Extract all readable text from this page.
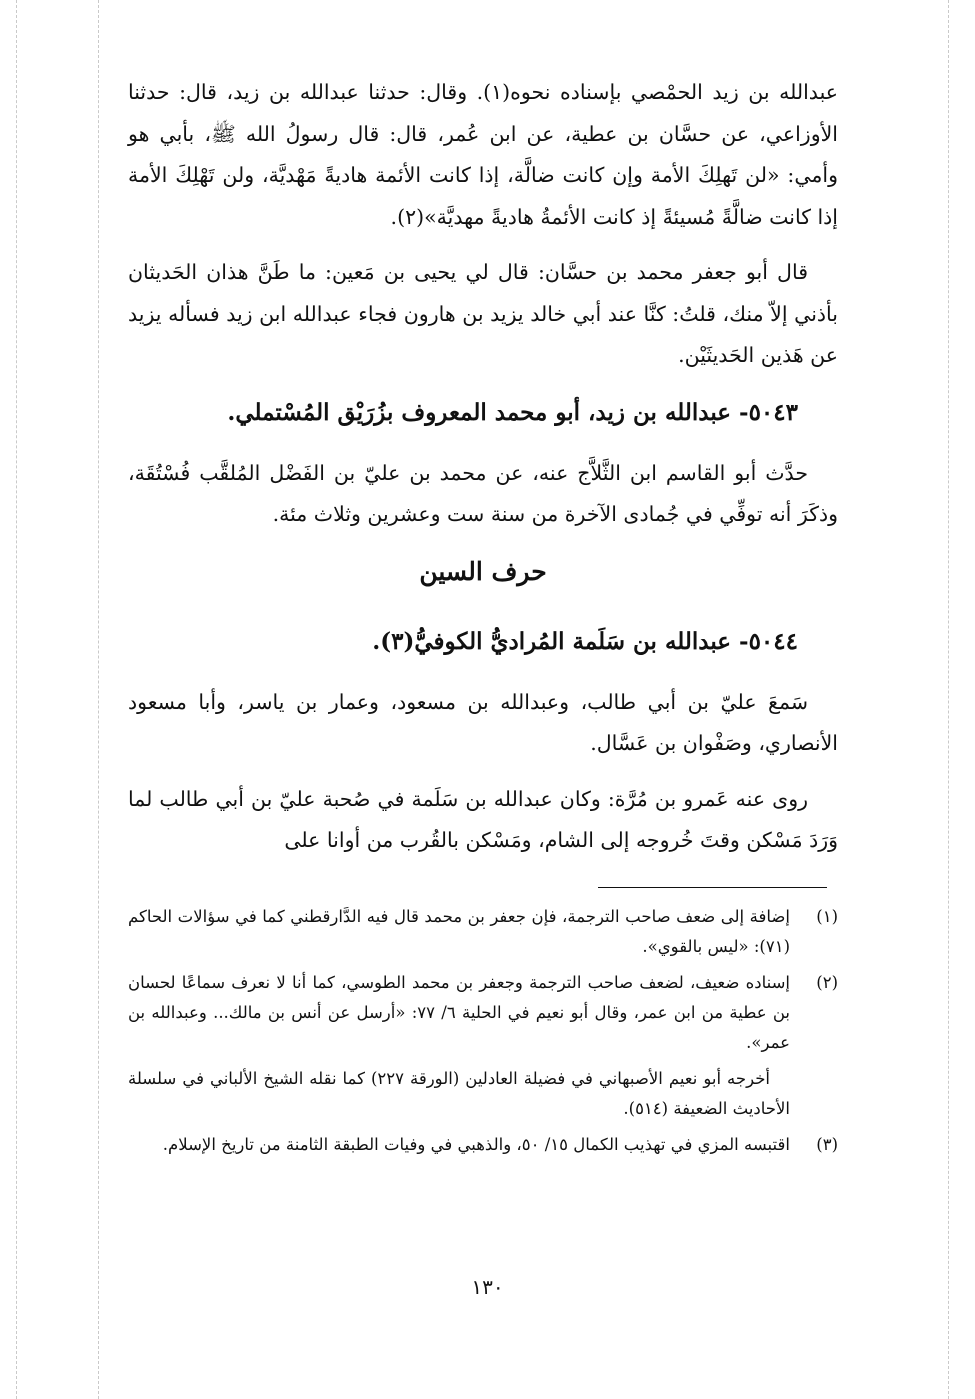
عبدالله بن زيد الحمْصي بإسناده نحوه(١). وقال: حدثنا عبدالله بن زيد، قال: حدثنا الأوزاعي، عن حسَّان بن عطية، عن ابن عُمر، قال: قال رسولُ الله ﷺ، بأبي هو وأمي: «لن تَهلِكَ الأمة وإن كانت ضالَّة، إذا كانت الأئمة هاديةً مَهْديَّة، ولن تَهْلِكَ الأمة إذا كانت ضالَّةً مُسيئةً إذ كانت الأئمةُ هاديةً مهديَّة»(٢).

قال أبو جعفر محمد بن حسَّان: قال لي يحيى بن مَعين: ما طَنَّ هذان الحَديثان بأذني إلاّ منك، قلتُ: كنَّا عند أبي خالد يزيد بن هارون فجاء عبدالله ابن زيد فسأله يزيد عن هَذين الحَديثَيْن.

٥٠٤٣- عبدالله بن زيد، أبو محمد المعروف بزُرَيْق المُسْتملي.

حدَّث أبو القاسم ابن الثَّلاَّج عنه، عن محمد بن عليّ بن الفَضْل المُلقَّب فُسْتُقَة، وذكَرَ أنه توفِّي في جُمادى الآخرة من سنة ست وعشرين وثلاث مئة.

حرف السين
٥٠٤٤- عبدالله بن سَلَمة المُراديُّ الكوفيُّ(٣).

سَمعَ عليّ بن أبي طالب، وعبدالله بن مسعود، وعمار بن ياسر، وأبا مسعود الأنصاري، وصَفْوان بن عَسَّال.

روى عنه عَمرو بن مُرَّة: وكان عبدالله بن سَلَمة في صُحبة عليّ بن أبي طالب لما وَرَدَ مَسْكن وقتَ خُروجه إلى الشام، ومَسْكن بالقُرب من أوانا على

(١)
إضافة إلى ضعف صاحب الترجمة، فإن جعفر بن محمد قال فيه الدَّارقطني كما في سؤالات الحاكم (٧١): «ليس بالقوي».
(٢)
إسناده ضعيف، لضعف صاحب الترجمة وجعفر بن محمد الطوسي، كما أنا لا نعرف سماعًا لحسان بن عطية من ابن عمر، وقال أبو نعيم في الحلية ٦/ ٧٧: «أرسل عن أنس بن مالك... وعبدالله بن عمر».
أخرجه أبو نعيم الأصبهاني في فضيلة العادلين (الورقة ٢٢٧) كما نقله الشيخ الألباني في سلسلة الأحاديث الضعيفة (٥١٤).
(٣)
اقتبسه المزي في تهذيب الكمال ١٥/ ٥٠، والذهبي في وفيات الطبقة الثامنة من تاريخ الإسلام.
١٣٠
